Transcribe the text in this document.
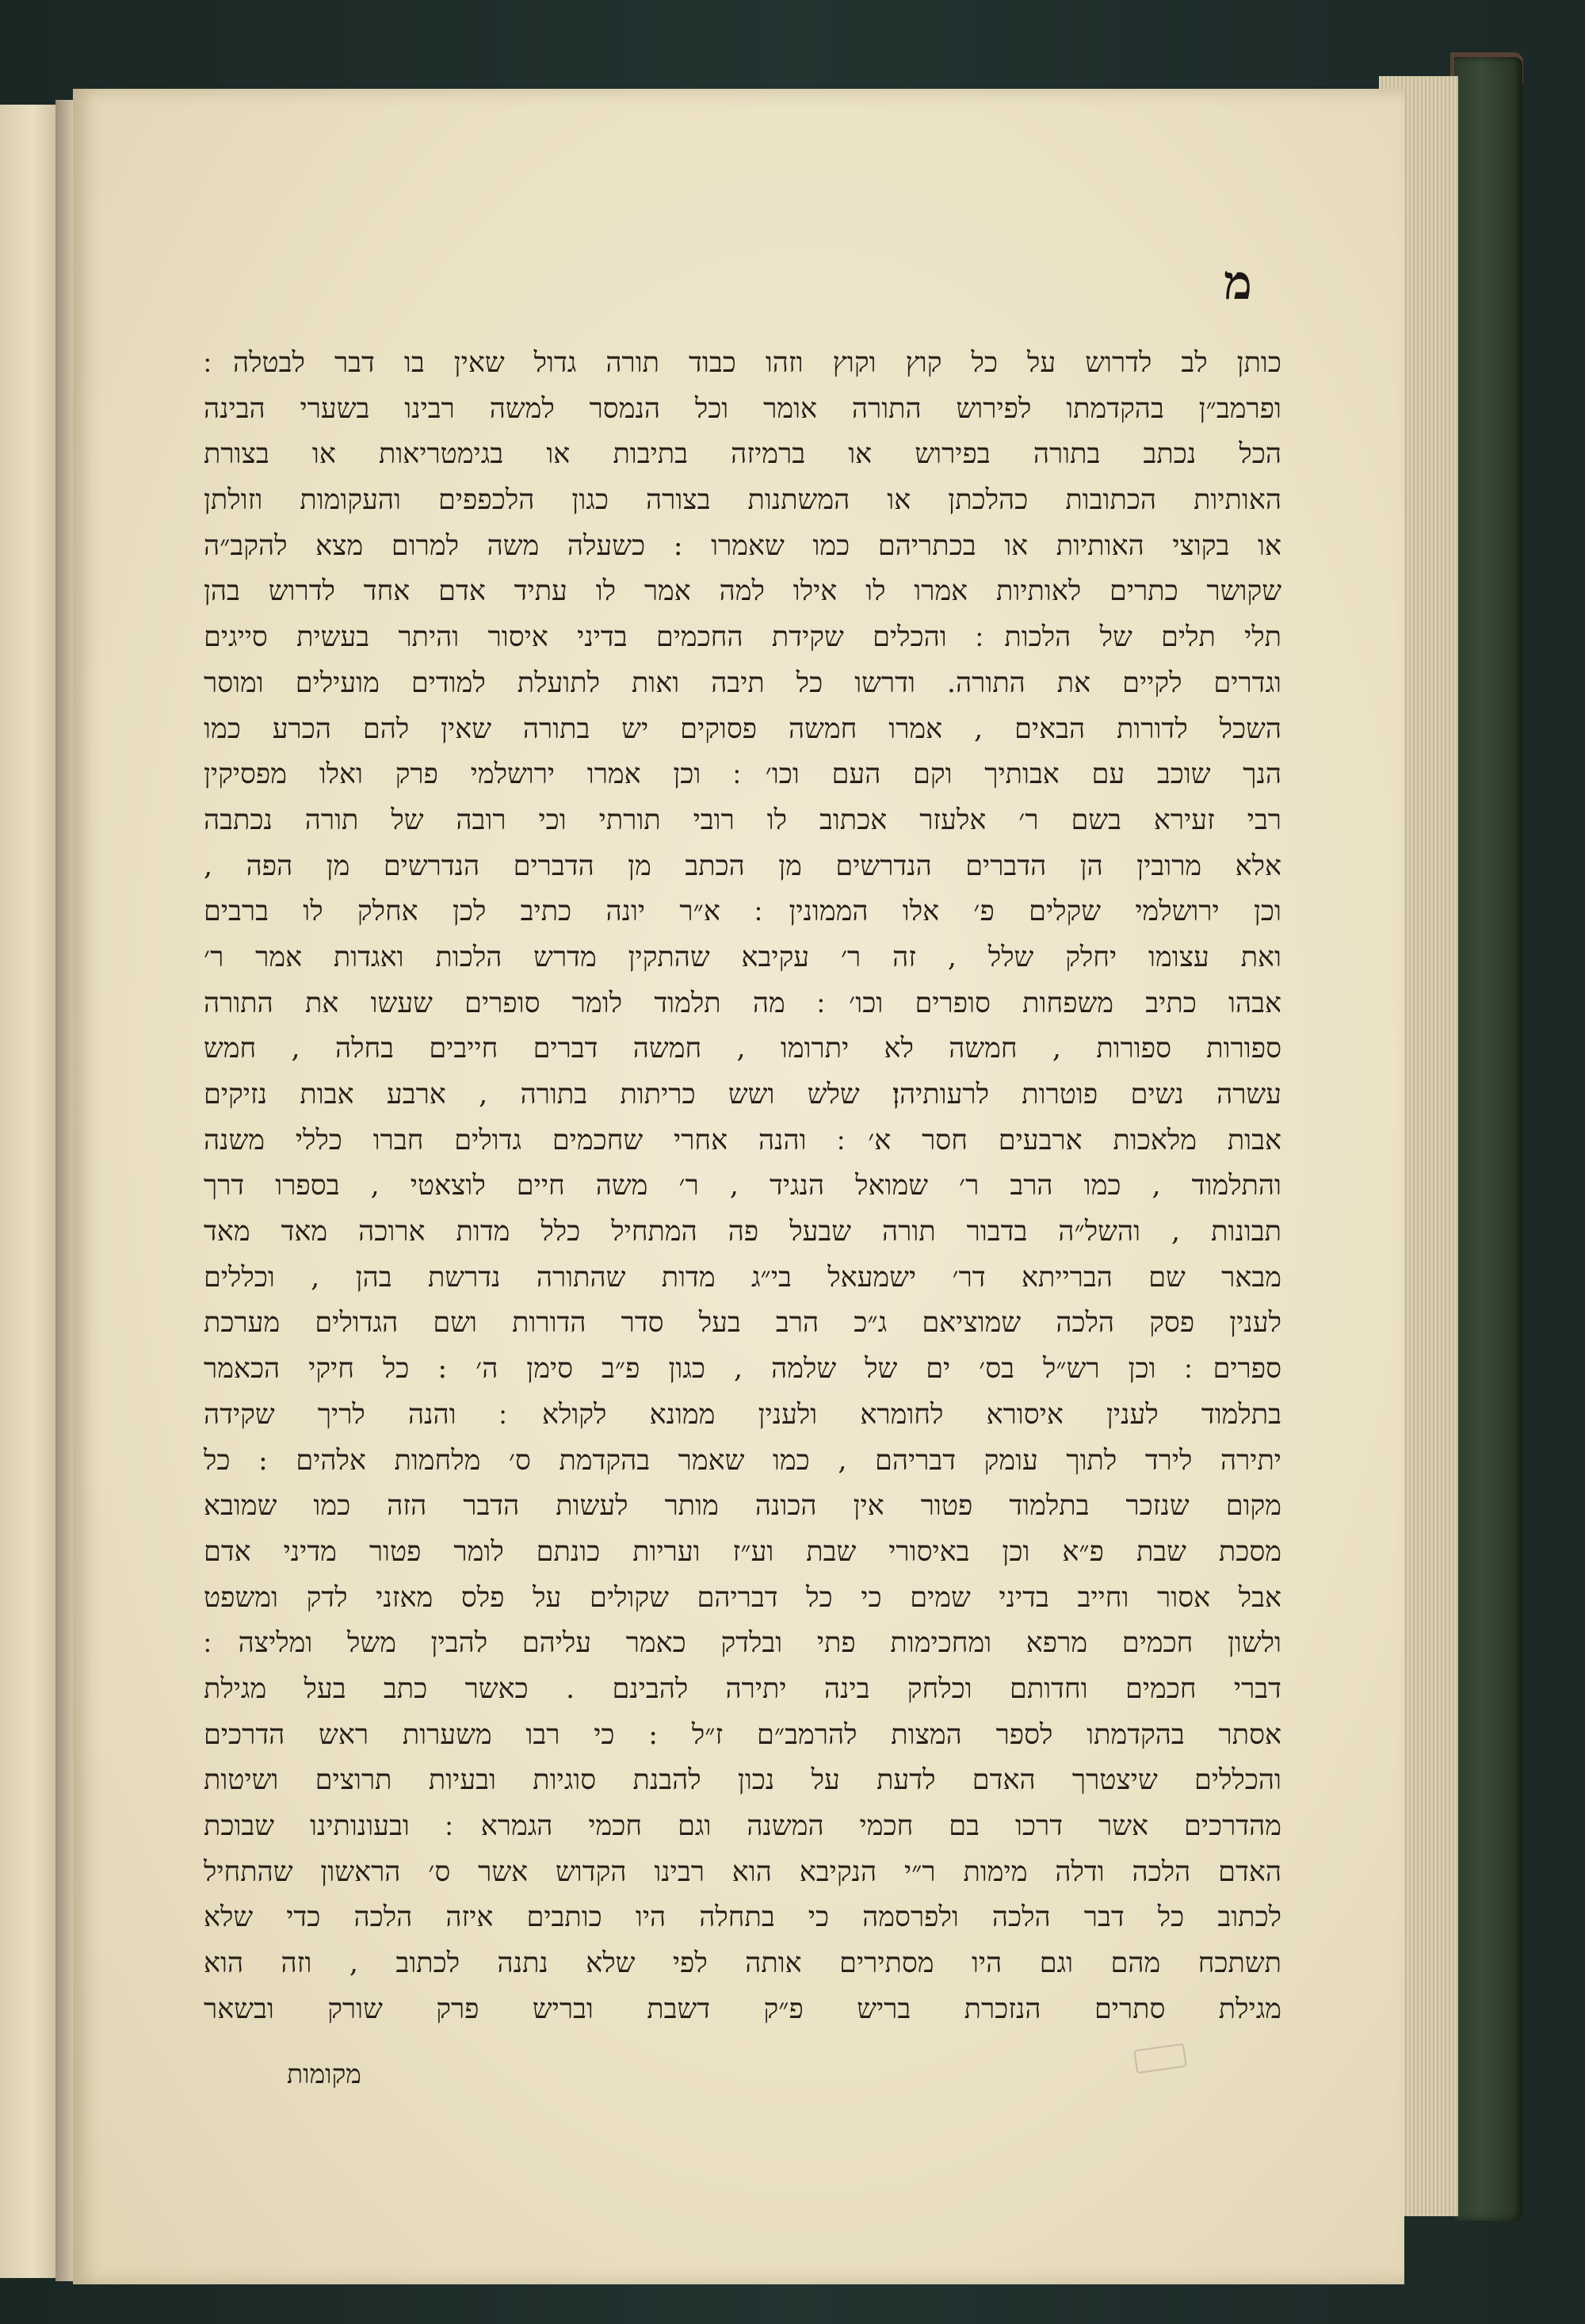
מ
כותן לב לדרוש על כל קוץ וקוץ וזהו כבוד תורה גדול שאין בו דבר לבטלה ׃
ופרמב״ן בהקדמתו לפירוש התורה אומר וכל הנמסר למשה רבינו בשערי הבינה
הכל נכתב בתורה בפירוש או ברמיזה בתיבות או בגימטריאות או בצורת
האותיות הכתובות כהלכתן או המשתנות בצורה כגון הלכפפים והעקומות וזולתן
או בקוצי האותיות או בכתריהם כמו שאמרו : כשעלה משה למרום מצא להקב״ה
שקושר כתרים לאותיות אמרו לו אילו למה אמר לו עתיד אדם אחד לדרוש בהן
תלי תלים של הלכות ׃ והכלים שקידת החכמים בדיני איסור והיתר בעשית סייגים
וגדרים לקיים את התורה. ודרשו כל תיבה ואות לתועלת למודים מועילים ומוסר
השכל לדורות הבאים , אמרו חמשה פסוקים יש בתורה שאין להם הכרע כמו
הנך שוכב עם אבותיך וקם העם וכו׳ ׃ וכן אמרו ירושלמי פרק ואלו מפסיקין
רבי זעירא בשם ר׳ אלעזר אכתוב לו רובי תורתי וכי רובה של תורה נכתבה
אלא מרובין הן הדברים הנדרשים מן הכתב מן הדברים הנדרשים מן הפה ,
וכן ירושלמי שקלים פ׳ אלו הממונין ׃ א״ר יונה כתיב לכן אחלק לו ברבים
ואת עצומו יחלק שלל , זה ר׳ עקיבא שהתקין מדרש הלכות ואגדות אמר ר׳
אבהו כתיב משפחות סופרים וכו׳ ׃ מה תלמוד לומר סופרים שעשו את התורה
ספורות ספורות , חמשה לא יתרומו , חמשה דברים חייבים בחלה , חמש
עשרה נשים פוטרות לרעותיהן׃ שלש ושש כריתות בתורה , ארבע אבות נזיקים
אבות מלאכות ארבעים חסר א׳ ׃ והנה אחרי שחכמים גדולים חברו כללי משנה
והתלמוד , כמו הרב ר׳ שמואל הנגיד , ר׳ משה חיים לוצאטי , בספרו דרך
תבונות , והשל״ה בדבור תורה שבעל פה המתחיל כלל מדות ארוכה מאד מאד
מבאר שם הברייתא דר׳ ישמעאל בי״ג מדות שהתורה נדרשת בהן , וכללים
לענין פסק הלכה שמוציאם ג״כ הרב בעל סדר הדורות ושם הגדולים מערכת
ספרים ׃ וכן רש״ל בס׳ ים של שלמה , כגון פ״ב סימן ה׳ : כל חיקי הכאמר
בתלמוד לענין איסורא לחומרא ולענין ממונא לקולא ׃ והנה לריך שקידה
יתירה לירד לתוך עומק דבריהם , כמו שאמר בהקדמת ס׳ מלחמות אלהים : כל
מקום שנזכר בתלמוד פטור אין הכונה מותר לעשות הדבר הזה כמו שמובא
מסכת שבת פ״א וכן באיסורי שבת וע״ז ועריות כונתם לומר פטור מדיני אדם
אבל אסור וחייב בדיני שמים כי כל דבריהם שקולים על פלס מאזני לדק ומשפט
ולשון חכמים מרפא ומחכימות פתי ובלדק כאמר עליהם להבין משל ומליצה ׃
דברי חכמים וחדותם וכלחק בינה יתירה להבינם . כאשר כתב בעל מגילת
אסתר בהקדמתו לספר המצות להרמב״ם ז״ל : כי רבו משערות ראש הדרכים
והכללים שיצטרך האדם לדעת על נכון להבנת סוגיות ובעיות תרוצים ושיטות
מהדרכים אשר דרכו בם חכמי המשנה וגם חכמי הגמרא ׃ ובעונותינו שבוכת
האדם הלכה ודלה מימות ר״י הנקיבא הוא רבינו הקדוש אשר ס׳ הראשון שהתחיל
לכתוב כל דבר הלכה ולפרסמה כי בתחלה היו כותבים איזה הלכה כדי שלא
תשתכח מהם וגם היו מסתירים אותה לפי שלא נתנה לכתוב , וזה הוא
מגילת סתרים הנזכרת בריש פ״ק דשבת ובריש פרק שורק ובשאר
מקומות
